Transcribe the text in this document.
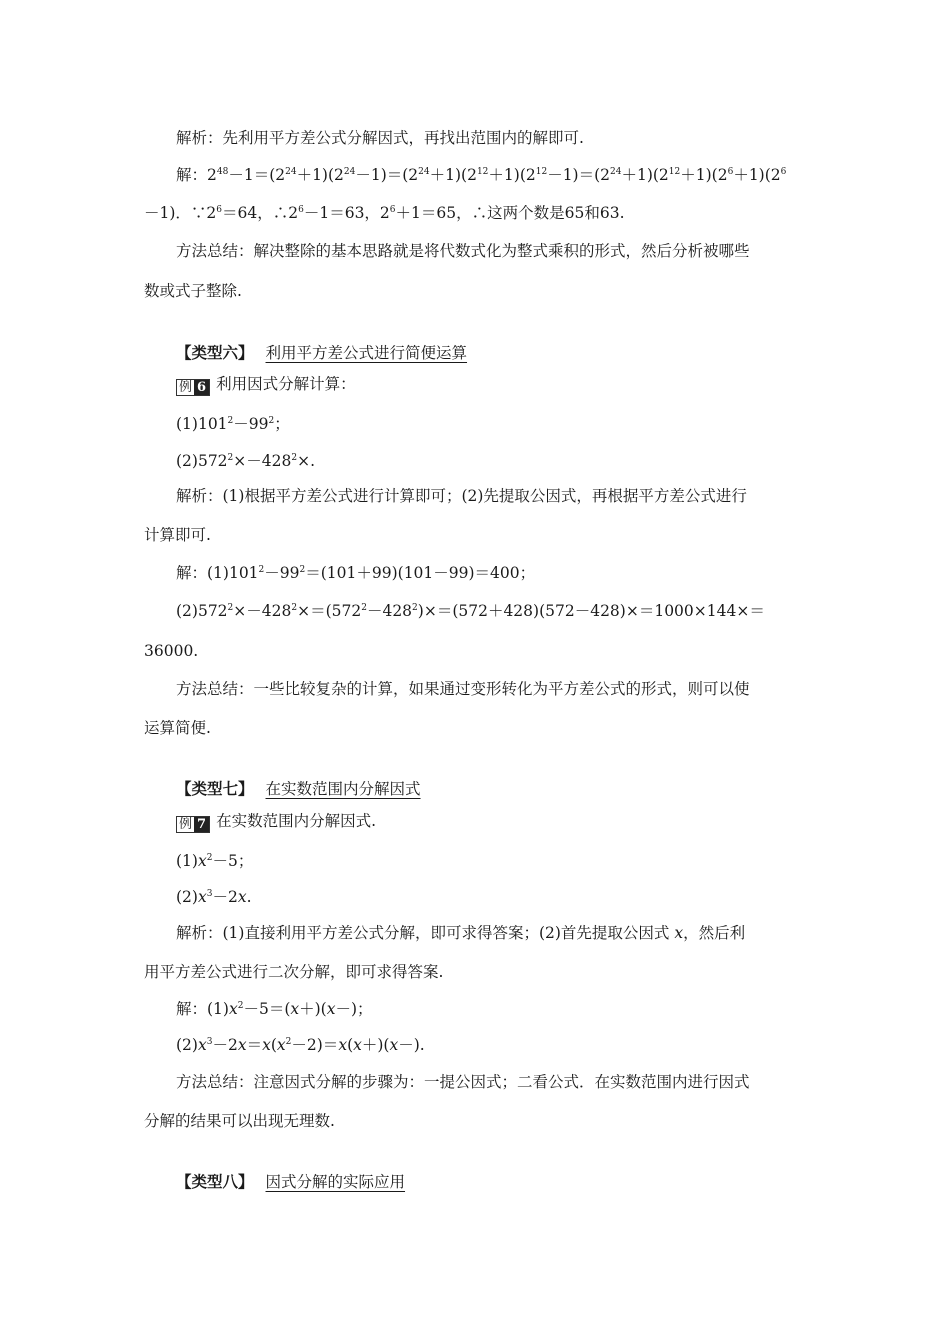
解析：先利用平方差公式分解因式，再找出范围内的解即可.
解：$2^{48}-1=(2^{24}+1)(2^{24}-1)=(2^{24}+1)(2^{12}+1)(2^{12}-1)=(2^{24}+1)(2^{12}+1)(2^6+1)(2^6$
－1)．$\because 2^6=64$，$\therefore 2^6-1=63$，$2^6+1=65$，∴这两个数是65和63.
方法总结：解决整除的基本思路就是将代数式化为整式乘积的形式，然后分析被哪些
数或式子整除.
【类型六】 利用平方差公式进行简便运算
例 6 利用因式分解计算：
$(1)101^2-99^2$；
$(2)572^2\times-428^2\times$.
解析：(1)根据平方差公式进行计算即可；(2)先提取公因式，再根据平方差公式进行
计算即可.
解：$(1)101^2-99^2=(101+99)(101-99)=400$；
$(2)572^2\times-428^2\times=(572^2-428^2)\times=(572+428)(572-428)\times=1000\times 144\times=$
36000.
方法总结：一些比较复杂的计算，如果通过变形转化为平方差公式的形式，则可以使
运算简便.
【类型七】 在实数范围内分解因式
例 7 在实数范围内分解因式.
$(1)x^2-5$；
$(2)x^3-2x$.
解析：(1)直接利用平方差公式分解，即可求得答案；(2)首先提取公因式 x，然后利
用平方差公式进行二次分解，即可求得答案.
解：$(1)x^2-5=(x+)(x-)$；
$(2)x^3-2x=x(x^2-2)=x(x+)(x-)$.
方法总结：注意因式分解的步骤为：一提公因式；二看公式．在实数范围内进行因式
分解的结果可以出现无理数.
【类型八】 因式分解的实际应用
